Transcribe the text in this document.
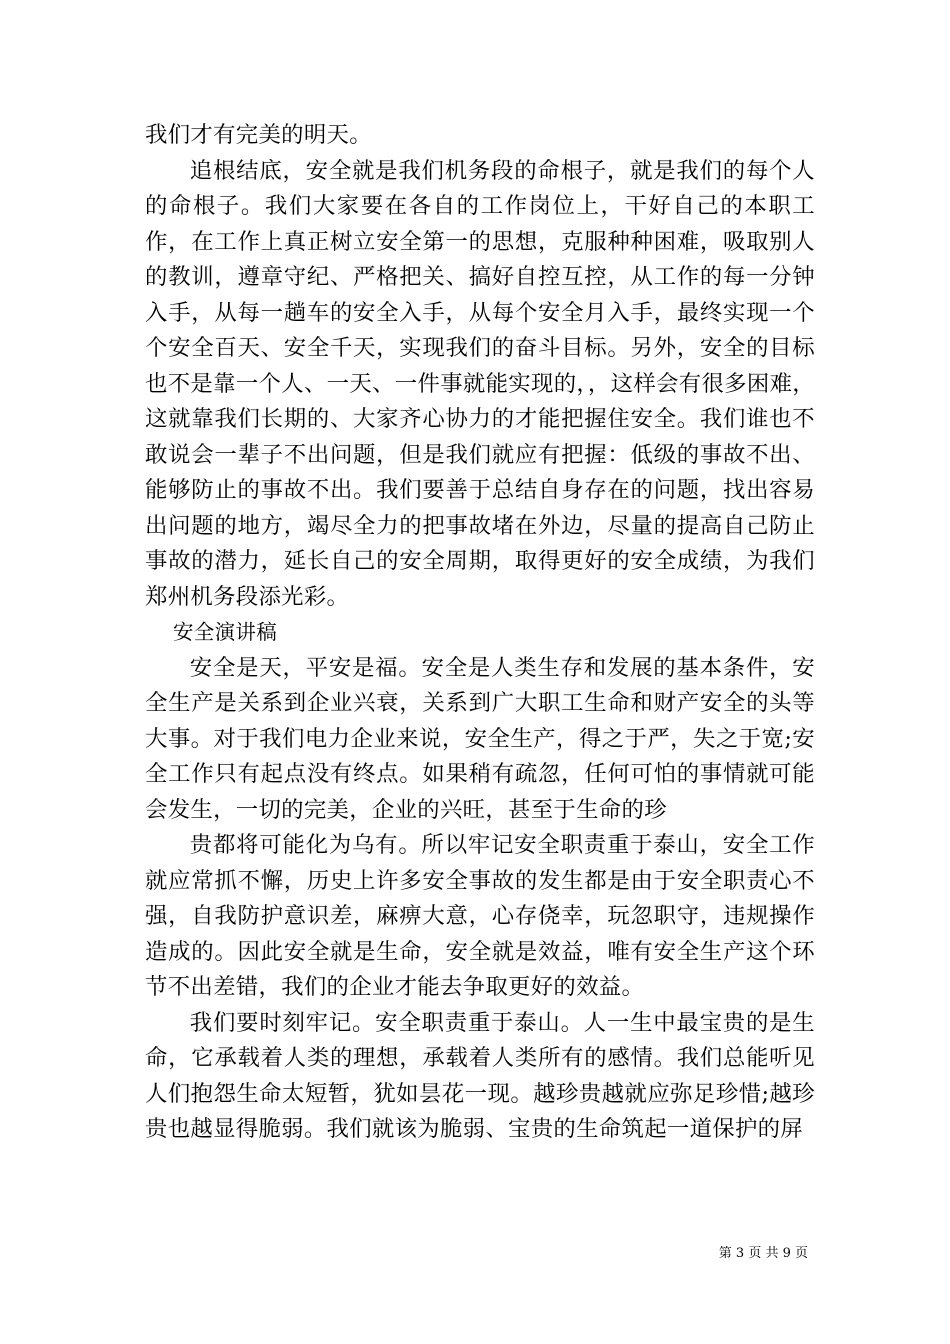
我们才有完美的明天。

追根结底，安全就是我们机务段的命根子，就是我们的每个人的命根子。我们大家要在各自的工作岗位上，干好自己的本职工作，在工作上真正树立安全第一的思想，克服种种困难，吸取别人的教训，遵章守纪、严格把关、搞好自控互控，从工作的每一分钟入手，从每一趟车的安全入手，从每个安全月入手，最终实现一个个安全百天、安全千天，实现我们的奋斗目标。另外，安全的目标也不是靠一个人、一天、一件事就能实现的，，这样会有很多困难，这就靠我们长期的、大家齐心协力的才能把握住安全。我们谁也不敢说会一辈子不出问题，但是我们就应有把握：低级的事故不出、能够防止的事故不出。我们要善于总结自身存在的问题，找出容易出问题的地方，竭尽全力的把事故堵在外边，尽量的提高自己防止事故的潜力，延长自己的安全周期，取得更好的安全成绩，为我们郑州机务段添光彩。

安全演讲稿

安全是天，平安是福。安全是人类生存和发展的基本条件，安全生产是关系到企业兴衰，关系到广大职工生命和财产安全的头等大事。对于我们电力企业来说，安全生产，得之于严，失之于宽;安全工作只有起点没有终点。如果稍有疏忽，任何可怕的事情就可能会发生，一切的完美，企业的兴旺，甚至于生命的珍

贵都将可能化为乌有。所以牢记安全职责重于泰山，安全工作就应常抓不懈，历史上许多安全事故的发生都是由于安全职责心不强，自我防护意识差，麻痹大意，心存侥幸，玩忽职守，违规操作造成的。因此安全就是生命，安全就是效益，唯有安全生产这个环节不出差错，我们的企业才能去争取更好的效益。

我们要时刻牢记。安全职责重于泰山。人一生中最宝贵的是生命，它承载着人类的理想，承载着人类所有的感情。我们总能听见人们抱怨生命太短暂，犹如昙花一现。越珍贵越就应弥足珍惜;越珍贵也越显得脆弱。我们就该为脆弱、宝贵的生命筑起一道保护的屏

第 3 页 共 9 页
